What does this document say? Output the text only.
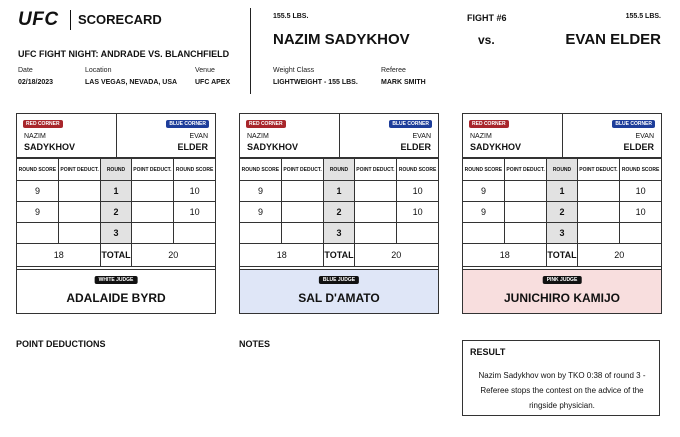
UFC SCORECARD
UFC FIGHT NIGHT: ANDRADE VS. BLANCHFIELD
Date
02/18/2023
Location
LAS VEGAS, NEVADA, USA
Venue
UFC APEX
155.5 LBS.
NAZIM SADYKHOV	vs.
FIGHT #6	155.5 LBS.
EVAN ELDER
Weight Class
LIGHTWEIGHT - 155 LBS.
Referee
MARK SMITH
RED CORNER	BLUE CORNER
NAZIM
SADYKHOV
EVAN
ELDER
ROUND SCORE	POINT DEDUCT.	ROUND	POINT DEDUCT.	ROUND SCORE
9		1		10
9		2		10
		3		
18		TOTAL	20	
WHITE JUDGE
ADALAIDE BYRD
RED CORNER	BLUE CORNER
NAZIM
SADYKHOV
EVAN
ELDER
ROUND SCORE	POINT DEDUCT.	ROUND	POINT DEDUCT.	ROUND SCORE
9		1		10
9		2		10
		3		
18		TOTAL	20	
BLUE JUDGE
SAL D'AMATO
RED CORNER	BLUE CORNER
NAZIM
SADYKHOV
EVAN
ELDER
ROUND SCORE	POINT DEDUCT.	ROUND	POINT DEDUCT.	ROUND SCORE
9		1		10
9		2		10
		3		
18		TOTAL	20	
PINK JUDGE
JUNICHIRO KAMIJO
POINT DEDUCTIONS	NOTES
RESULT
Nazim Sadykhov won by TKO 0:38 of round 3 - Referee stops the contest on the advice of the ringside physician.
